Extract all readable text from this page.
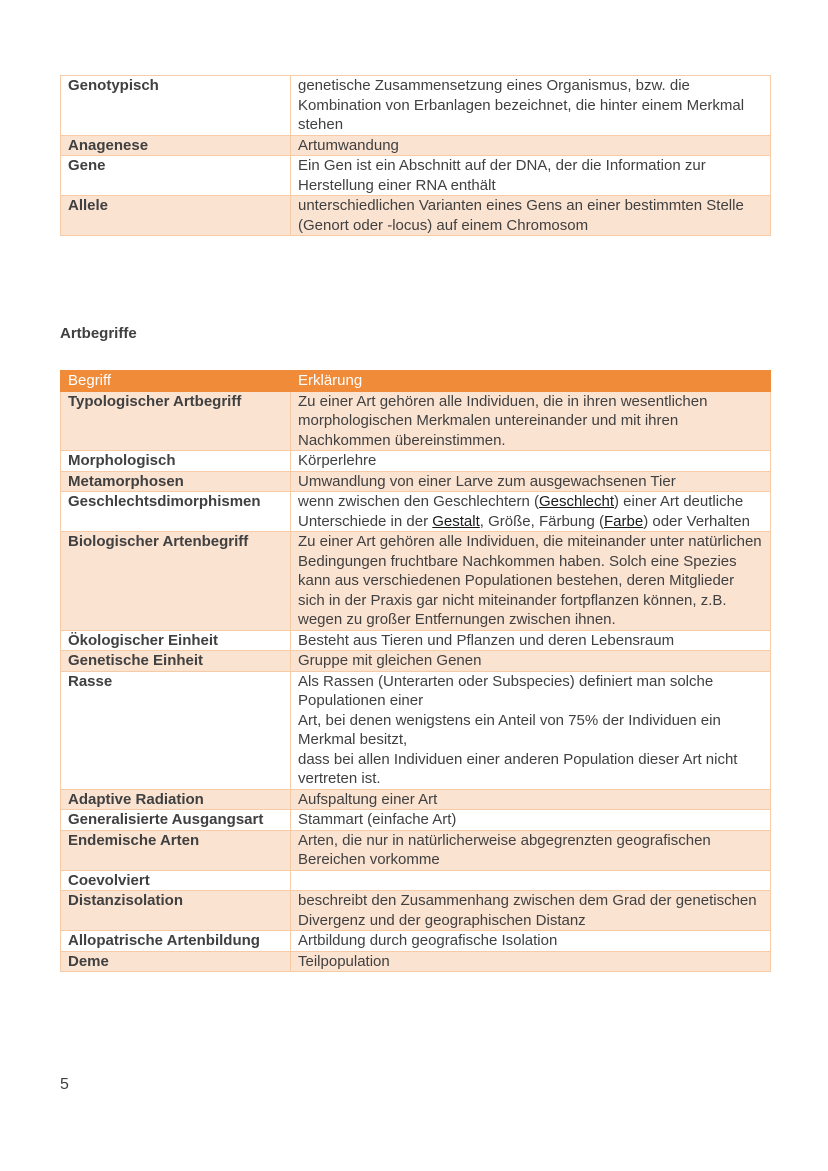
Genotypisch	genetische Zusammensetzung eines Organismus, bzw. die Kombination von Erbanlagen bezeichnet, die hinter einem Merkmal stehen
Anagenese	Artumwandung
Gene	Ein Gen ist ein Abschnitt auf der DNA, der die Information zur Herstellung einer RNA enthält
Allele	unterschiedlichen Varianten eines Gens an einer bestimmten Stelle (Genort oder -locus) auf einem Chromosom
Artbegriffe
Begriff	Erklärung
Typologischer Artbegriff	Zu einer Art gehören alle Individuen, die in ihren wesentlichen morphologischen Merkmalen untereinander und mit ihren Nachkommen übereinstimmen.
Morphologisch	Körperlehre
Metamorphosen	Umwandlung von einer Larve zum ausgewachsenen Tier
Geschlechtsdimorphismen	wenn zwischen den Geschlechtern (Geschlecht) einer Art deutliche Unterschiede in der Gestalt, Größe, Färbung (Farbe) oder Verhalten
Biologischer Artenbegriff	Zu einer Art gehören alle Individuen, die miteinander unter natürlichen Bedingungen fruchtbare Nachkommen haben. Solch eine Spezies kann aus verschiedenen Populationen bestehen, deren Mitglieder sich in der Praxis gar nicht miteinander fortpflanzen können, z.B. wegen zu großer Entfernungen zwischen ihnen.
Ökologischer Einheit	Besteht aus Tieren und Pflanzen und deren Lebensraum
Genetische Einheit	Gruppe mit gleichen Genen
Rasse	Als Rassen (Unterarten oder Subspecies) definiert man solche Populationen einer
Art, bei denen wenigstens ein Anteil von 75% der Individuen ein Merkmal besitzt,
dass bei allen Individuen einer anderen Population dieser Art nicht vertreten ist.

Adaptive Radiation	Aufspaltung einer Art
Generalisierte Ausgangsart	Stammart (einfache Art)
Endemische Arten	Arten, die nur in natürlicherweise abgegrenzten geografischen Bereichen vorkomme
Coevolviert	
Distanzisolation	beschreibt den Zusammenhang zwischen dem Grad der genetischen Divergenz und der geographischen Distanz
Allopatrische Artenbildung	Artbildung durch geografische Isolation
Deme	Teilpopulation
5
